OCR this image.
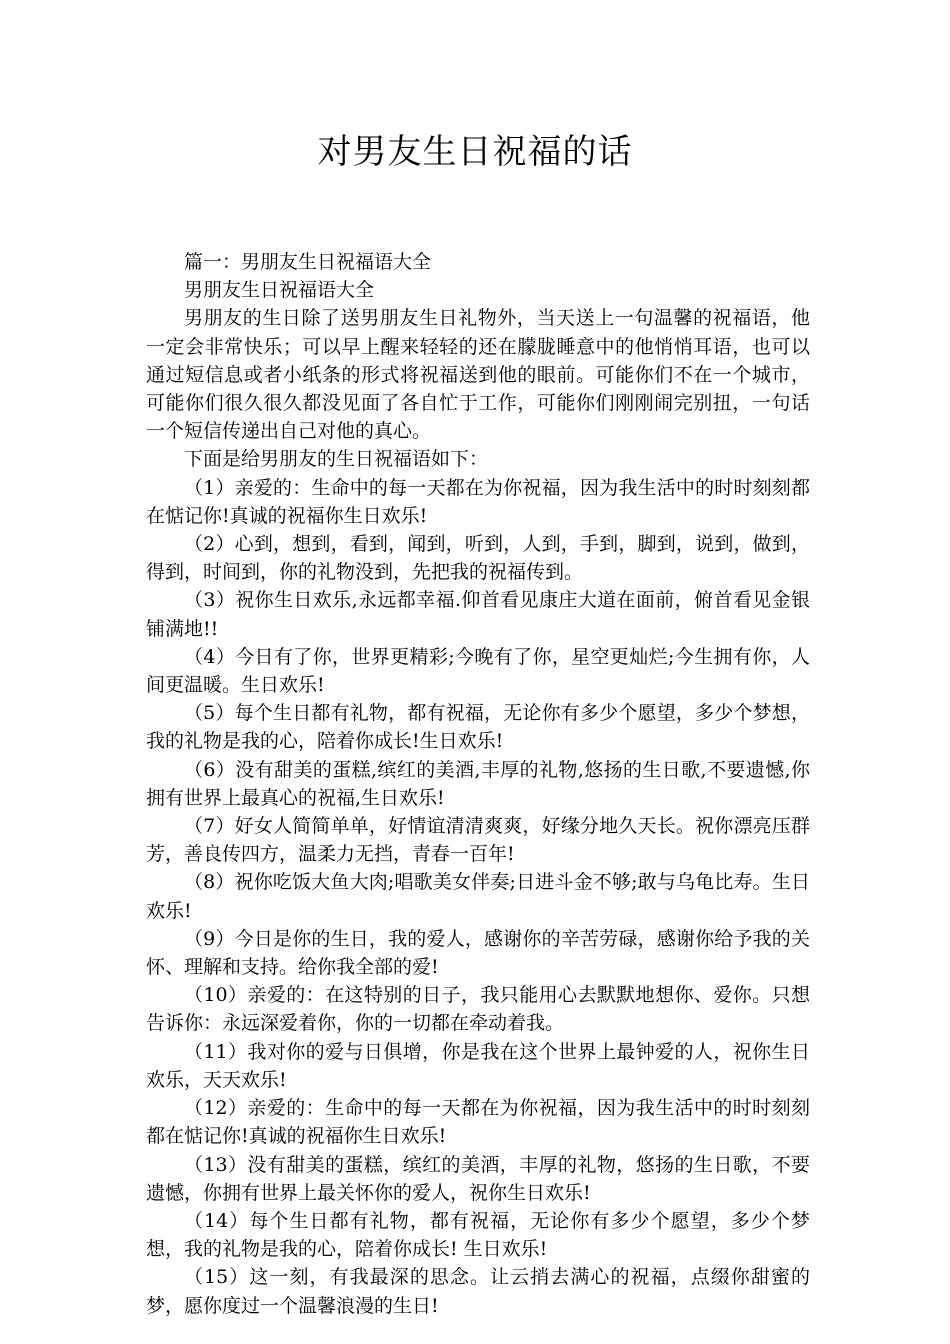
对男友生日祝福的话

篇一：男朋友生日祝福语大全

男朋友生日祝福语大全

男朋友的生日除了送男朋友生日礼物外，当天送上一句温馨的祝福语，他一定会非常快乐；可以早上醒来轻轻的还在朦胧睡意中的他悄悄耳语，也可以通过短信息或者小纸条的形式将祝福送到他的眼前。可能你们不在一个城市，可能你们很久很久都没见面了各自忙于工作，可能你们刚刚闹完别扭，一句话一个短信传递出自己对他的真心。

下面是给男朋友的生日祝福语如下：

（1）亲爱的：生命中的每一天都在为你祝福，因为我生活中的时时刻刻都在惦记你!真诚的祝福你生日欢乐!

（2）心到，想到，看到，闻到，听到，人到，手到，脚到，说到，做到，得到，时间到，你的礼物没到，先把我的祝福传到。

（3）祝你生日欢乐,永远都幸福.仰首看见康庄大道在面前，俯首看见金银铺满地!!

（4）今日有了你，世界更精彩;今晚有了你，星空更灿烂;今生拥有你，人间更温暖。生日欢乐!

（5）每个生日都有礼物，都有祝福，无论你有多少个愿望，多少个梦想，我的礼物是我的心，陪着你成长!生日欢乐!

（6）没有甜美的蛋糕,缤红的美酒,丰厚的礼物,悠扬的生日歌,不要遗憾,你拥有世界上最真心的祝福,生日欢乐!

（7）好女人简简单单，好情谊清清爽爽，好缘分地久天长。祝你漂亮压群芳，善良传四方，温柔力无挡，青春一百年!

（8）祝你吃饭大鱼大肉;唱歌美女伴奏;日进斗金不够;敢与乌龟比寿。生日欢乐!

（9）今日是你的生日，我的爱人，感谢你的辛苦劳碌，感谢你给予我的关怀、理解和支持。给你我全部的爱!

（10）亲爱的：在这特别的日子，我只能用心去默默地想你、爱你。只想告诉你：永远深爱着你，你的一切都在牵动着我。

（11）我对你的爱与日俱增，你是我在这个世界上最钟爱的人，祝你生日欢乐，天天欢乐!

（12）亲爱的：生命中的每一天都在为你祝福，因为我生活中的时时刻刻都在惦记你!真诚的祝福你生日欢乐!

（13）没有甜美的蛋糕，缤红的美酒，丰厚的礼物，悠扬的生日歌，不要遗憾，你拥有世界上最关怀你的爱人，祝你生日欢乐!

（14）每个生日都有礼物，都有祝福，无论你有多少个愿望，多少个梦想，我的礼物是我的心，陪着你成长! 生日欢乐!

（15）这一刻，有我最深的思念。让云捎去满心的祝福，点缀你甜蜜的梦，愿你度过一个温馨浪漫的生日!
